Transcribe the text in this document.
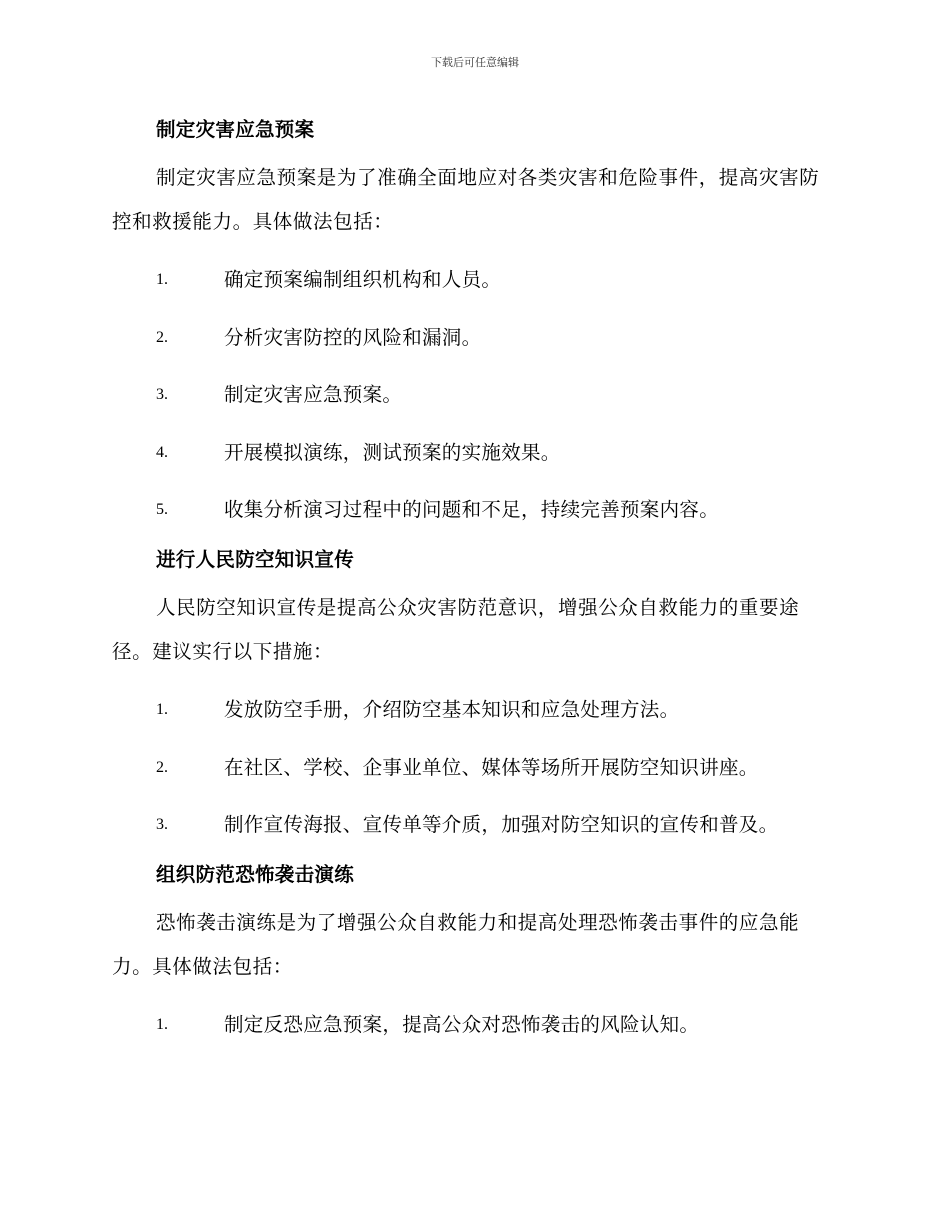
下载后可任意编辑
制定灾害应急预案

制定灾害应急预案是为了准确全面地应对各类灾害和危险事件，提高灾害防控和救援能力。具体做法包括：

1.	确定预案编制组织机构和人员。
2.	分析灾害防控的风险和漏洞。
3.	制定灾害应急预案。
4.	开展模拟演练，测试预案的实施效果。
5.	收集分析演习过程中的问题和不足，持续完善预案内容。
进行人民防空知识宣传

人民防空知识宣传是提高公众灾害防范意识，增强公众自救能力的重要途径。建议实行以下措施：

1.	发放防空手册，介绍防空基本知识和应急处理方法。
2.	在社区、学校、企事业单位、媒体等场所开展防空知识讲座。
3.	制作宣传海报、宣传单等介质，加强对防空知识的宣传和普及。
组织防范恐怖袭击演练

恐怖袭击演练是为了增强公众自救能力和提高处理恐怖袭击事件的应急能力。具体做法包括：

1.	制定反恐应急预案，提高公众对恐怖袭击的风险认知。
